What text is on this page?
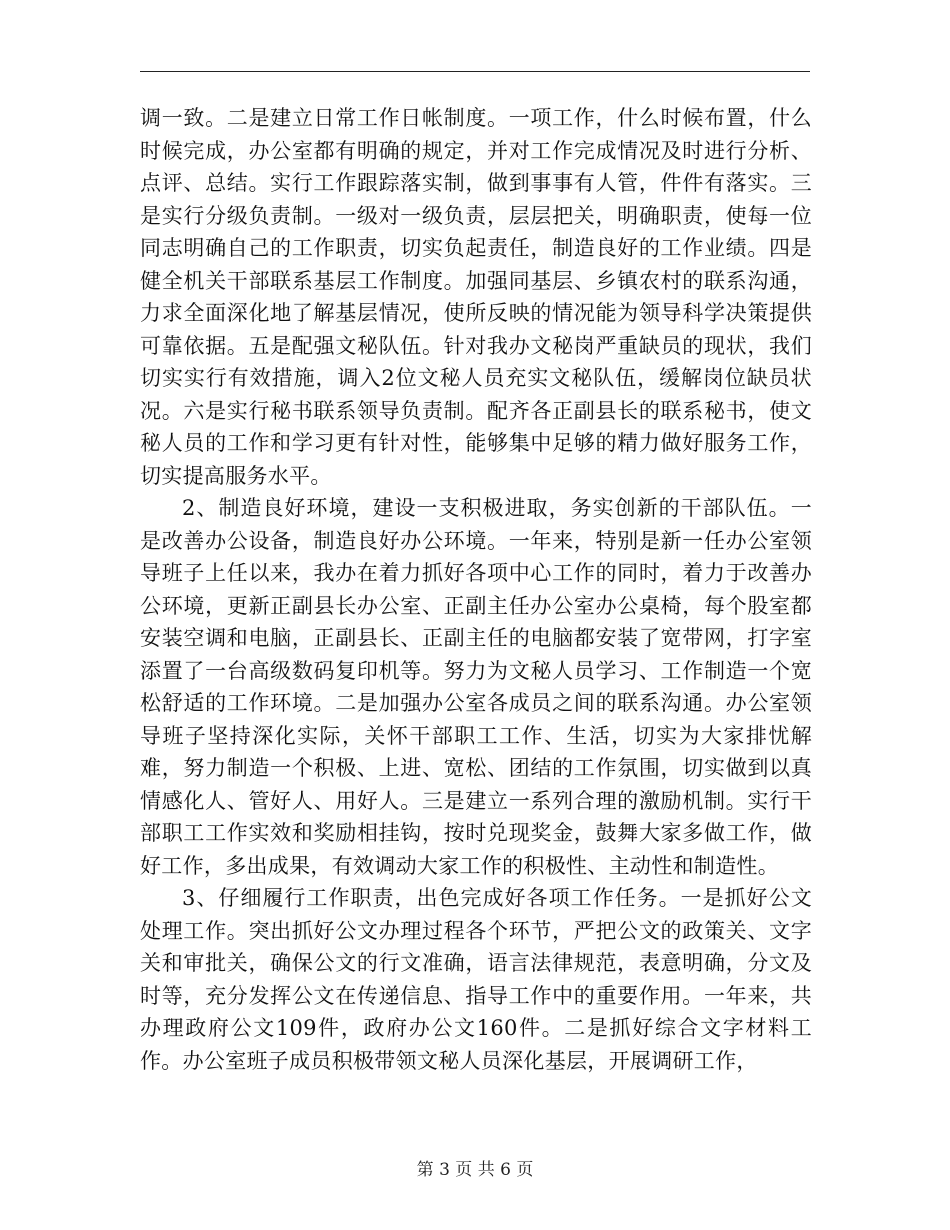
调一致。二是建立日常工作日帐制度。一项工作，什么时候布置，什么时候完成，办公室都有明确的规定，并对工作完成情况及时进行分析、点评、总结。实行工作跟踪落实制，做到事事有人管，件件有落实。三是实行分级负责制。一级对一级负责，层层把关，明确职责，使每一位同志明确自己的工作职责，切实负起责任，制造良好的工作业绩。四是健全机关干部联系基层工作制度。加强同基层、乡镇农村的联系沟通，力求全面深化地了解基层情况，使所反映的情况能为领导科学决策提供可靠依据。五是配强文秘队伍。针对我办文秘岗严重缺员的现状，我们切实实行有效措施，调入2位文秘人员充实文秘队伍，缓解岗位缺员状况。六是实行秘书联系领导负责制。配齐各正副县长的联系秘书，使文秘人员的工作和学习更有针对性，能够集中足够的精力做好服务工作，切实提高服务水平。

2、制造良好环境，建设一支积极进取，务实创新的干部队伍。一是改善办公设备，制造良好办公环境。一年来，特别是新一任办公室领导班子上任以来，我办在着力抓好各项中心工作的同时，着力于改善办公环境，更新正副县长办公室、正副主任办公室办公桌椅，每个股室都安装空调和电脑，正副县长、正副主任的电脑都安装了宽带网，打字室添置了一台高级数码复印机等。努力为文秘人员学习、工作制造一个宽松舒适的工作环境。二是加强办公室各成员之间的联系沟通。办公室领导班子坚持深化实际，关怀干部职工工作、生活，切实为大家排忧解难，努力制造一个积极、上进、宽松、团结的工作氛围，切实做到以真情感化人、管好人、用好人。三是建立一系列合理的激励机制。实行干部职工工作实效和奖励相挂钩，按时兑现奖金，鼓舞大家多做工作，做好工作，多出成果，有效调动大家工作的积极性、主动性和制造性。

3、仔细履行工作职责，出色完成好各项工作任务。一是抓好公文处理工作。突出抓好公文办理过程各个环节，严把公文的政策关、文字关和审批关，确保公文的行文准确，语言法律规范，表意明确，分文及时等，充分发挥公文在传递信息、指导工作中的重要作用。一年来，共办理政府公文109件，政府办公文160件。二是抓好综合文字材料工作。办公室班子成员积极带领文秘人员深化基层，开展调研工作，

第 3 页 共 6 页
